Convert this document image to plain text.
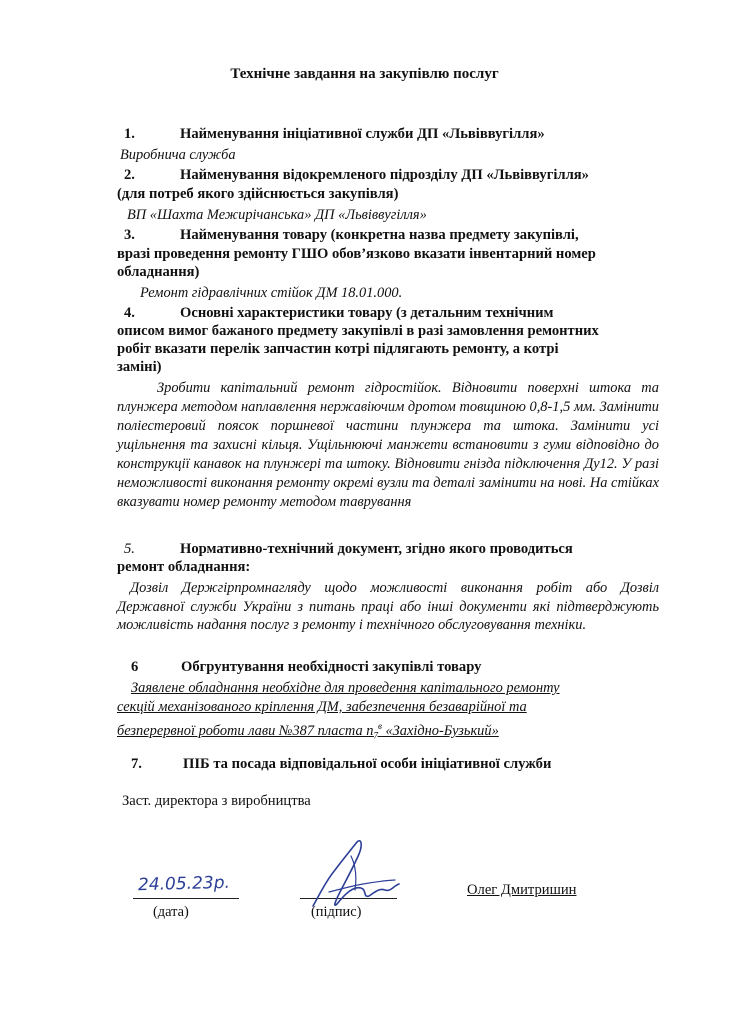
Технічне завдання на закупівлю послуг
1.	Найменування ініціативної служби ДП «Львіввугілля»
Виробнича служба
2.	Найменування відокремленого підрозділу ДП «Львіввугілля»
(для потреб якого здійснюється закупівля)
ВП «Шахта Межирічанська» ДП «Львіввугілля»
3.	Найменування товару (конкретна назва предмету закупівлі,
вразі проведення ремонту ГШО обов’язково вказати інвентарний номер
обладнання)
Ремонт гідравлічних стійок ДМ 18.01.000.
4.	Основні характеристики товару (з детальним технічним
описом вимог бажаного предмету закупівлі в разі замовлення ремонтних
робіт вказати перелік запчастин котрі підлягають ремонту, а котрі
заміні)
Зробити капітальний ремонт гідростійок. Відновити поверхні штока та плунжера методом наплавлення нержавіючим дротом товщиною 0,8-1,5 мм. Замінити поліестеровий поясок поршневої частини плунжера та штока. Замінити усі ущільнення та захисні кільця. Ущільнюючі манжети встановити з гуми відповідно до конструкції канавок на плунжері та штоку. Відновити гнізда підключення Ду12. У разі неможливості виконання ремонту окремі вузли та деталі замінити на нові. На стійках вказувати номер ремонту методом таврування
5.	Нормативно-технічний документ, згідно якого проводиться
ремонт обладнання:
Дозвіл Держгірпромнагляду щодо можливості виконання робіт або Дозвіл Державної служби України з питань праці або інші документи які підтверджують можливість надання послуг з ремонту і технічного обслуговування техніки.
6	Обгрунтування необхідності закупівлі товару
Заявлене обладнання необхідне для проведення капітального ремонту
секцій механізованого кріплення ДМ, забезпечення безаварійної та
безперервної роботи лави №387 пласта $n_7^в$ «Західно-Бузький»
7.	ПІБ та посада відповідальної особи ініціативної служби
Заст. директора з виробництва
24.05.23р.
(дата)	(підпис)
Олег Дмитришин
